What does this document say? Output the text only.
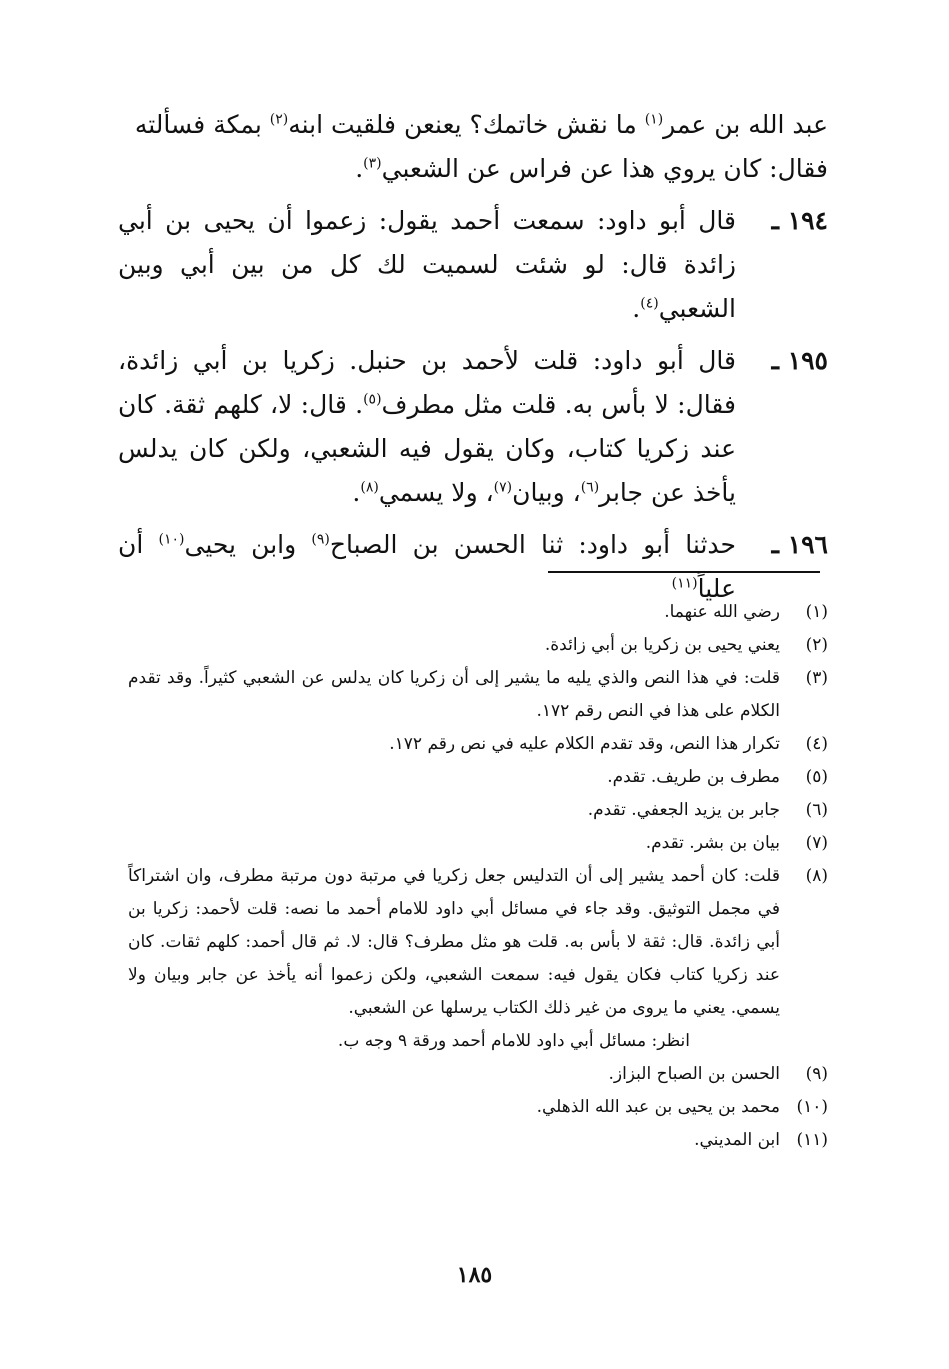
عبد الله بن عمر$^{(١)}$ ما نقش خاتمك؟ يعنعن فلقيت ابنه$^{(٢)}$ بمكة فسألته
فقال: كان يروي هذا عن فراس عن الشعبي$^{(٣)}$.

١٩٤ ـقال أبو داود: سمعت أحمد يقول: زعموا أن يحيى بن أبي زائدة قال: لو شئت لسميت لك كل من بين أبي وبين الشعبي$^{(٤)}$.

١٩٥ ـقال أبو داود: قلت لأحمد بن حنبل. زكريا بن أبي زائدة، فقال: لا بأس به. قلت مثل مطرف$^{(٥)}$. قال: لا، كلهم ثقة. كان عند زكريا كتاب، وكان يقول فيه الشعبي، ولكن كان يدلس يأخذ عن جابر$^{(٦)}$، وبيان$^{(٧)}$، ولا يسمي$^{(٨)}$.

١٩٦ ـحدثنا أبو داود: ثنا الحسن بن الصباح$^{(٩)}$ وابن يحيى$^{(١٠)}$ أن علياً$^{(١١)}$

(١)
رضي الله عنهما.
(٢)
يعني يحيى بن زكريا بن أبي زائدة.
(٣)
قلت: في هذا النص والذي يليه ما يشير إلى أن زكريا كان يدلس عن الشعبي كثيراً. وقد تقدم الكلام على هذا في النص رقم ١٧٢.
(٤)
تكرار هذا النص، وقد تقدم الكلام عليه في نص رقم ١٧٢.
(٥)
مطرف بن طريف. تقدم.
(٦)
جابر بن يزيد الجعفي. تقدم.
(٧)
بيان بن بشر. تقدم.
(٨)
قلت: كان أحمد يشير إلى أن التدليس جعل زكريا في مرتبة دون مرتبة مطرف، وان اشتراكاً في مجمل التوثيق. وقد جاء في مسائل أبي داود للامام أحمد ما نصه: قلت لأحمد: زكريا بن أبي زائدة. قال: ثقة لا بأس به. قلت هو مثل مطرف؟ قال: لا. ثم قال أحمد: كلهم ثقات. كان عند زكريا كتاب فكان يقول فيه: سمعت الشعبي، ولكن زعموا أنه يأخذ عن جابر وبيان ولا يسمي. يعني ما يروى من غير ذلك الكتاب يرسلها عن الشعبي.
انظر: مسائل أبي داود للامام أحمد ورقة ٩ وجه ب.
(٩)
الحسن بن الصباح البزاز.
(١٠)
محمد بن يحيى بن عبد الله الذهلي.
(١١)
ابن المديني.
١٨٥
